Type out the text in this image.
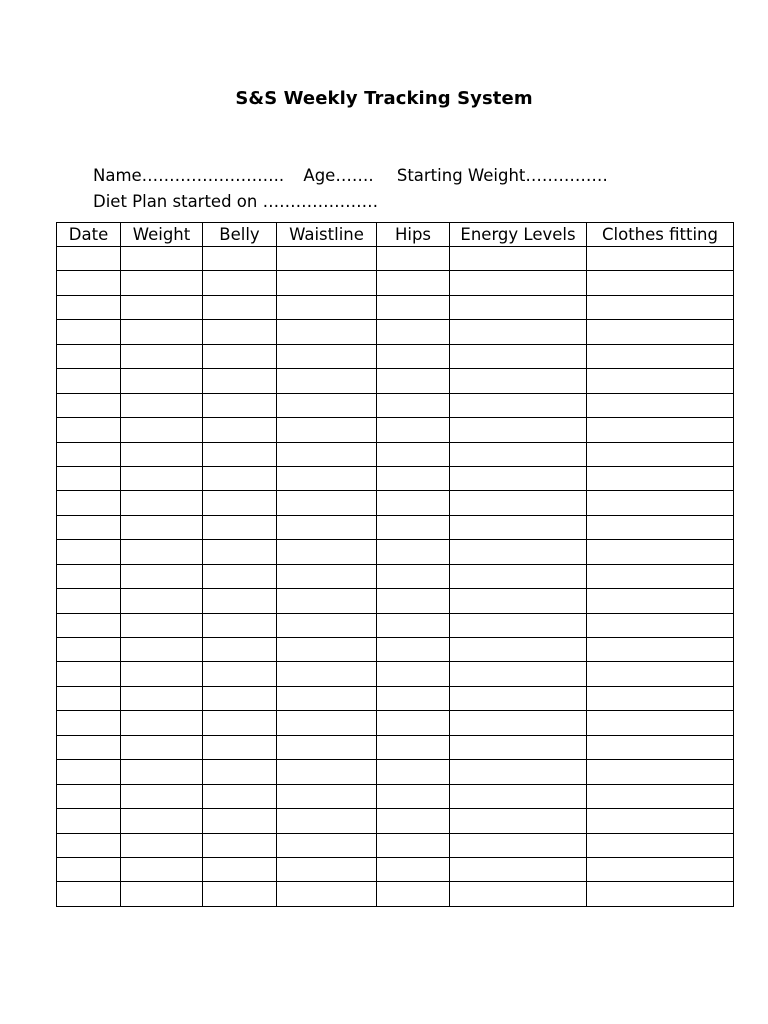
S&S Weekly Tracking System
Name…………………….. Age……. Starting Weight……………
Diet Plan started on …………………
Date	Weight	Belly	Waistline	Hips	Energy Levels	Clothes fitting
